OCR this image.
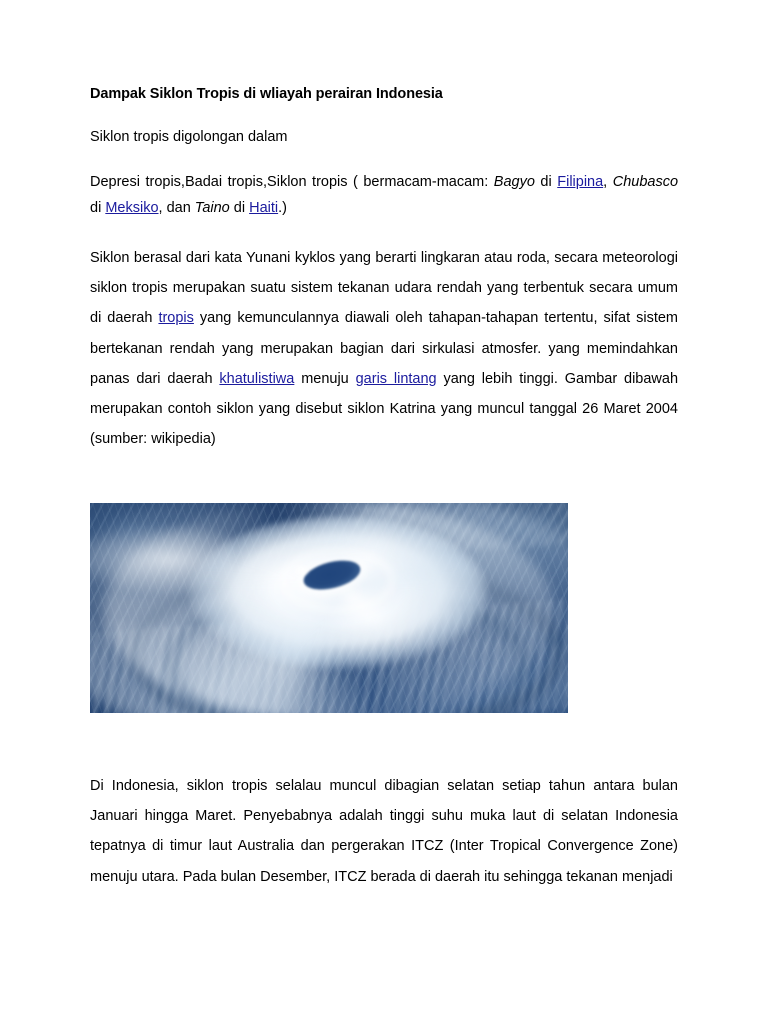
Dampak Siklon Tropis di wliayah perairan Indonesia

Siklon tropis digolongan dalam

Depresi tropis,Badai tropis,Siklon tropis ( bermacam-macam: Bagyo di Filipina, Chubasco di Meksiko, dan Taino di Haiti.)

Siklon berasal dari kata Yunani kyklos yang berarti lingkaran atau roda, secara meteorologi siklon tropis merupakan suatu sistem tekanan udara rendah yang terbentuk secara umum di daerah tropis yang kemunculannya diawali oleh tahapan-tahapan tertentu, sifat sistem bertekanan rendah yang merupakan bagian dari sirkulasi atmosfer. yang memindahkan panas dari daerah khatulistiwa menuju garis lintang yang lebih tinggi. Gambar dibawah merupakan contoh siklon yang disebut siklon Katrina yang muncul tanggal 26 Maret 2004 (sumber: wikipedia)

Di Indonesia, siklon tropis selalau muncul dibagian selatan setiap tahun antara bulan Januari hingga Maret. Penyebabnya adalah tinggi suhu muka laut di selatan Indonesia tepatnya di timur laut Australia dan pergerakan ITCZ (Inter Tropical Convergence Zone) menuju utara. Pada bulan Desember, ITCZ berada di daerah itu sehingga tekanan menjadi
